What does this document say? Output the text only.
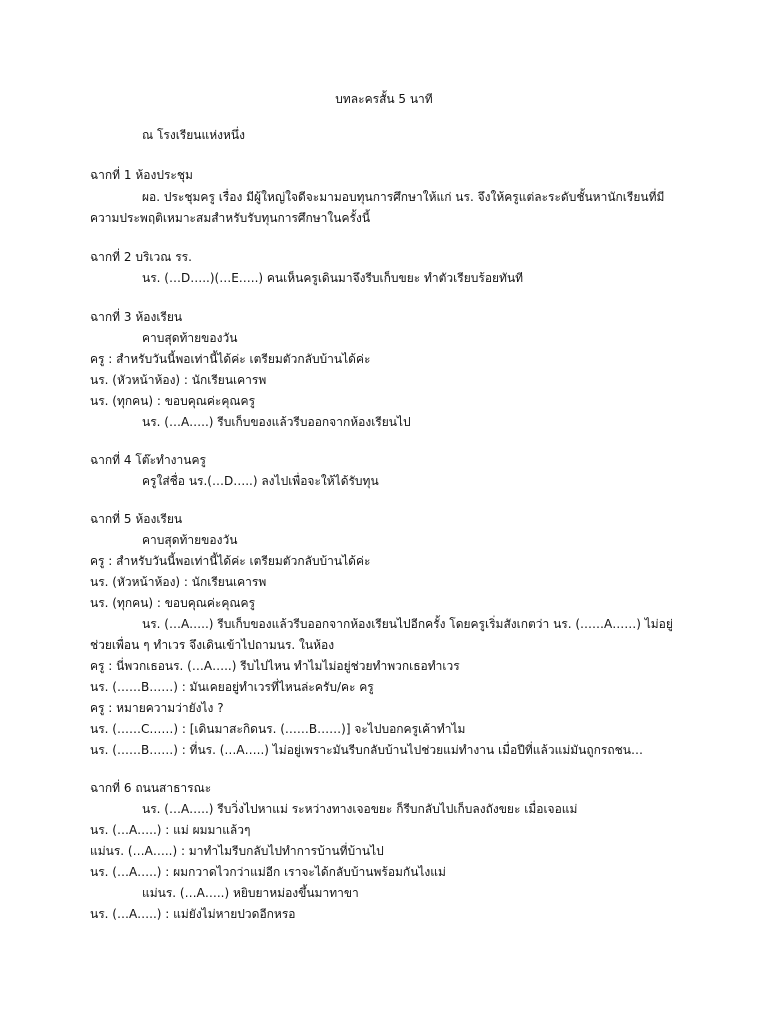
บทละครสั้น 5 นาที

ณ โรงเรียนแห่งหนึ่ง

ฉากที่ 1 ห้องประชุม

ผอ. ประชุมครู เรื่อง มีผู้ใหญ่ใจดีจะมามอบทุนการศึกษาให้แก่ นร. จึงให้ครูแต่ละระดับชั้นหานักเรียนที่มี

ความประพฤติเหมาะสมสำหรับรับทุนการศึกษาในครั้งนี้

ฉากที่ 2 บริเวณ รร.

นร. (…D…..)(…E…..) คนเห็นครูเดินมาจึงรีบเก็บขยะ ทำตัวเรียบร้อยทันที

ฉากที่ 3 ห้องเรียน

คาบสุดท้ายของวัน

ครู : สำหรับวันนี้พอเท่านี้ได้ค่ะ เตรียมตัวกลับบ้านได้ค่ะ

นร. (หัวหน้าห้อง) : นักเรียนเคารพ

นร. (ทุกคน) : ขอบคุณค่ะคุณครู

นร. (…A…..) รีบเก็บของแล้วรีบออกจากห้องเรียนไป

ฉากที่ 4 โต๊ะทำงานครู

ครูใส่ชื่อ นร.(…D…..) ลงไปเพื่อจะให้ได้รับทุน

ฉากที่ 5 ห้องเรียน

คาบสุดท้ายของวัน

ครู : สำหรับวันนี้พอเท่านี้ได้ค่ะ เตรียมตัวกลับบ้านได้ค่ะ

นร. (หัวหน้าห้อง) : นักเรียนเคารพ

นร. (ทุกคน) : ขอบคุณค่ะคุณครู

นร. (…A…..) รีบเก็บของแล้วรีบออกจากห้องเรียนไปอีกครั้ง โดยครูเริ่มสังเกตว่า นร. (……A……) ไม่อยู่

ช่วยเพื่อน ๆ ทำเวร จึงเดินเข้าไปถามนร. ในห้อง

ครู : นี่พวกเธอนร. (…A…..) รีบไปไหน ทำไมไม่อยู่ช่วยทำพวกเธอทำเวร

นร. (……B……) : มันเคยอยู่ทำเวรที่ไหนล่ะครับ/คะ ครู

ครู : หมายความว่ายังไง ?

นร. (……C……) : [เดินมาสะกิดนร. (……B……)] จะไปบอกครูเค้าทำไม

นร. (……B……) : ที่นร. (…A…..) ไม่อยู่เพราะมันรีบกลับบ้านไปช่วยแม่ทำงาน เมื่อปีที่แล้วแม่มันถูกรถชน…

ฉากที่ 6 ถนนสาธารณะ

นร. (…A…..) รีบวิ่งไปหาแม่ ระหว่างทางเจอขยะ ก็รีบกลับไปเก็บลงถังขยะ เมื่อเจอแม่

นร. (…A…..) : แม่ ผมมาแล้วๆ

แม่นร. (…A…..) : มาทำไมรีบกลับไปทำการบ้านที่บ้านไป

นร. (…A…..) : ผมกวาดไวกว่าแม่อีก เราจะได้กลับบ้านพร้อมกันไงแม่

แม่นร. (…A…..) หยิบยาหม่องขึ้นมาทาขา

นร. (…A…..) : แม่ยังไม่หายปวดอีกหรอ
